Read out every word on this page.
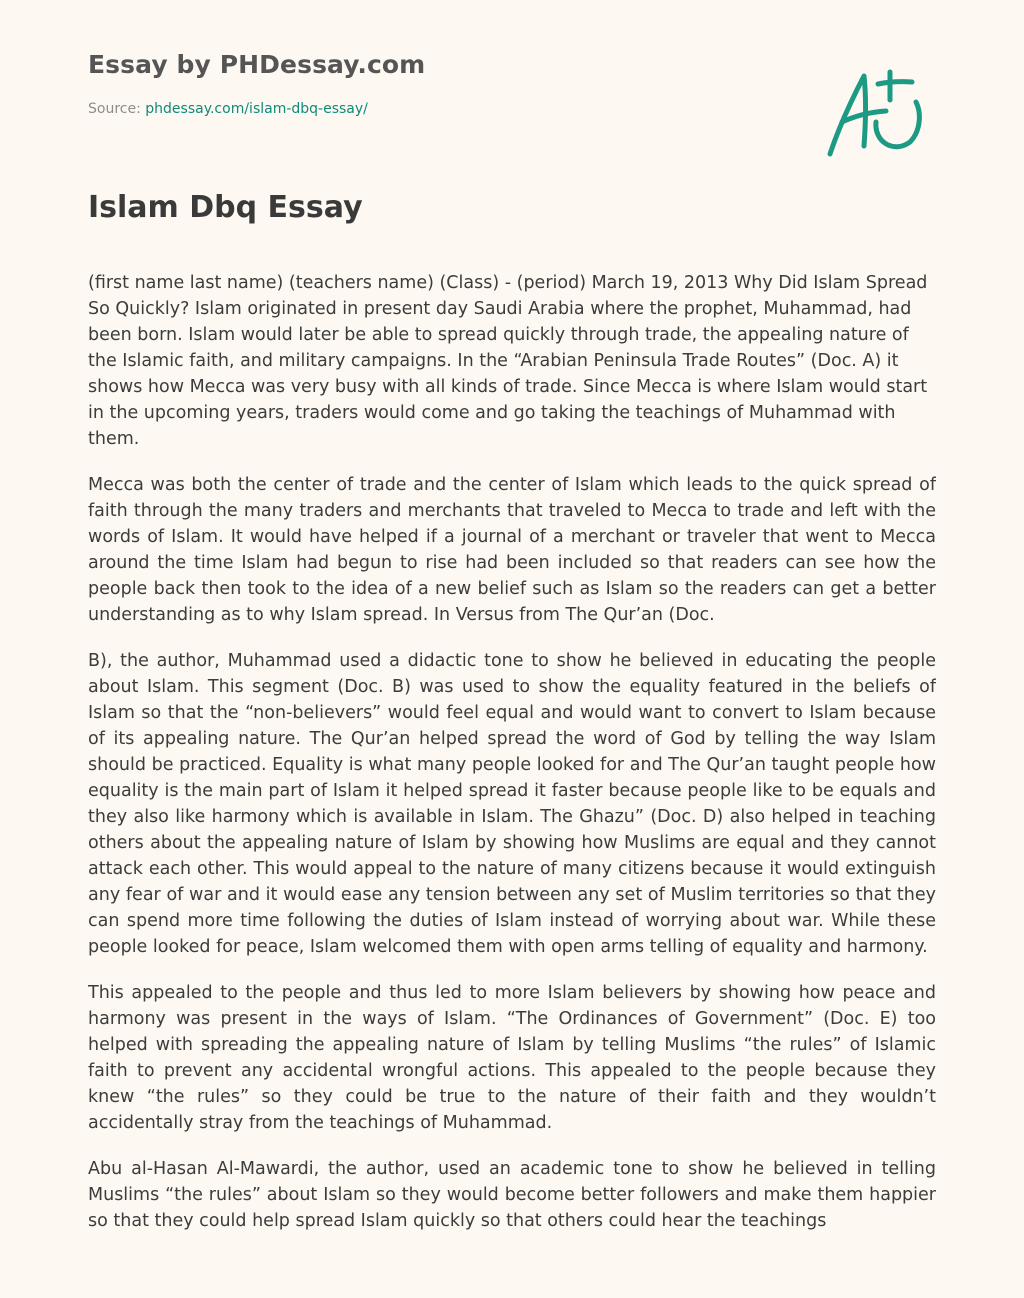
Essay by PHDessay.com
Source: phdessay.com/islam-dbq-essay/
Islam Dbq Essay

(first name last name) (teachers name) (Class) - (period) March 19, 2013 Why Did Islam Spread So Quickly? Islam originated in present day Saudi Arabia where the prophet, Muhammad, had been born. Islam would later be able to spread quickly through trade, the appealing nature of the Islamic faith, and military campaigns. In the “Arabian Peninsula Trade Routes” (Doc. A) it shows how Mecca was very busy with all kinds of trade. Since Mecca is where Islam would start in the upcoming years, traders would come and go taking the teachings of Muhammad with them.

Mecca was both the center of trade and the center of Islam which leads to the quick spread of faith through the many traders and merchants that traveled to Mecca to trade and left with the words of Islam. It would have helped if a journal of a merchant or traveler that went to Mecca around the time Islam had begun to rise had been included so that readers can see how the people back then took to the idea of a new belief such as Islam so the readers can get a better understanding as to why Islam spread. In Versus from The Qur’an (Doc.

B), the author, Muhammad used a didactic tone to show he believed in educating the people about Islam. This segment (Doc. B) was used to show the equality featured in the beliefs of Islam so that the “non-believers” would feel equal and would want to convert to Islam because of its appealing nature. The Qur’an helped spread the word of God by telling the way Islam should be practiced. Equality is what many people looked for and The Qur’an taught people how equality is the main part of Islam it helped spread it faster because people like to be equals and they also like harmony which is available in Islam. The Ghazu” (Doc. D) also helped in teaching others about the appealing nature of Islam by showing how Muslims are equal and they cannot attack each other. This would appeal to the nature of many citizens because it would extinguish any fear of war and it would ease any tension between any set of Muslim territories so that they can spend more time following the duties of Islam instead of worrying about war. While these people looked for peace, Islam welcomed them with open arms telling of equality and harmony.

This appealed to the people and thus led to more Islam believers by showing how peace and harmony was present in the ways of Islam. “The Ordinances of Government” (Doc. E) too helped with spreading the appealing nature of Islam by telling Muslims “the rules” of Islamic faith to prevent any accidental wrongful actions. This appealed to the people because they knew “the rules” so they could be true to the nature of their faith and they wouldn’t accidentally stray from the teachings of Muhammad.

Abu al-Hasan Al-Mawardi, the author, used an academic tone to show he believed in telling Muslims “the rules” about Islam so they would become better followers and make them happier so that they could help spread Islam quickly so that others could hear the teachings
